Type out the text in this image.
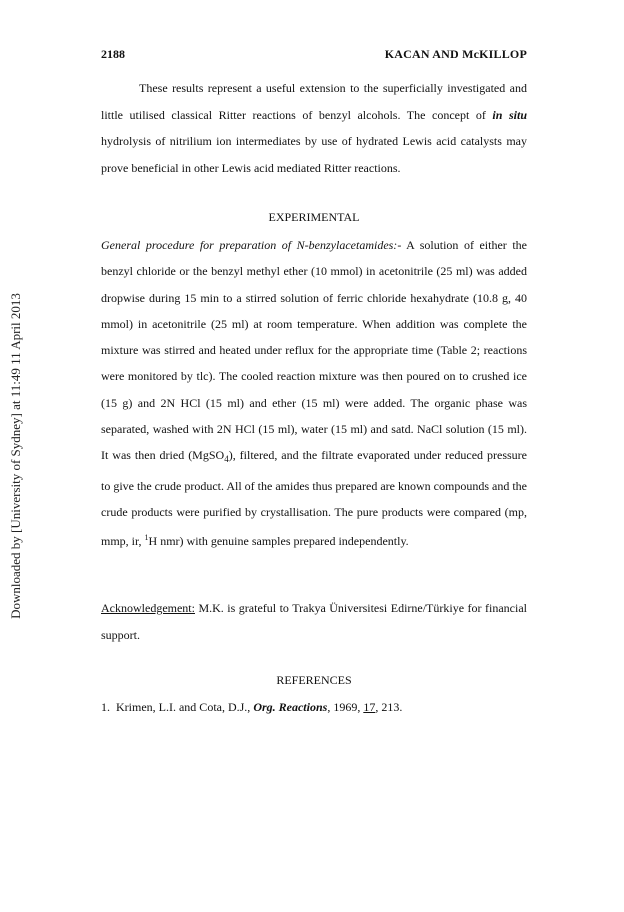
2188	KACAN AND McKILLOP
Downloaded by [University of Sydney] at 11:49 11 April 2013

These results represent a useful extension to the superficially investigated and little utilised classical Ritter reactions of benzyl alcohols. The concept of in situ hydrolysis of nitrilium ion intermediates by use of hydrated Lewis acid catalysts may prove beneficial in other Lewis acid mediated Ritter reactions.

EXPERIMENTAL

General procedure for preparation of N-benzylacetamides:- A solution of either the benzyl chloride or the benzyl methyl ether (10 mmol) in acetonitrile (25 ml) was added dropwise during 15 min to a stirred solution of ferric chloride hexahydrate (10.8 g, 40 mmol) in acetonitrile (25 ml) at room temperature. When addition was complete the mixture was stirred and heated under reflux for the appropriate time (Table 2; reactions were monitored by tlc). The cooled reaction mixture was then poured on to crushed ice (15 g) and 2N HCl (15 ml) and ether (15 ml) were added. The organic phase was separated, washed with 2N HCl (15 ml), water (15 ml) and satd. NaCl solution (15 ml). It was then dried (MgSO$_4$), filtered, and the filtrate evaporated under reduced pressure to give the crude product. All of the amides thus prepared are known compounds and the crude products were purified by crystallisation. The pure products were compared (mp, mmp, ir, $^1$H nmr) with genuine samples prepared independently.

Acknowledgement: M.K. is grateful to Trakya Üniversitesi Edirne/Türkiye for financial support.

REFERENCES
1. Krimen, L.I. and Cota, D.J., Org. Reactions, 1969, 17, 213.
